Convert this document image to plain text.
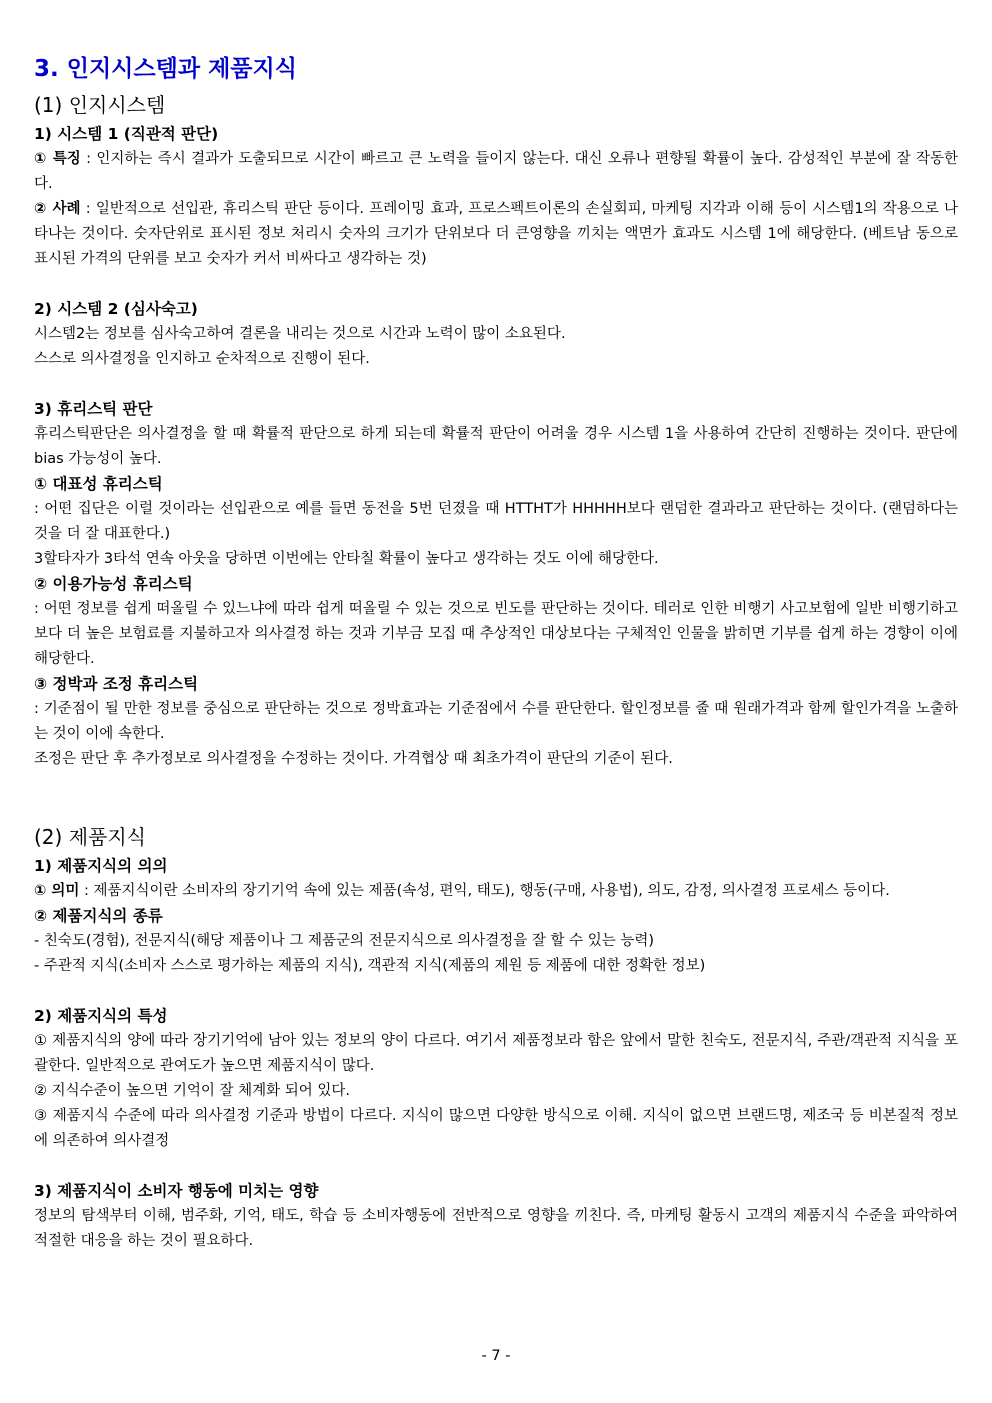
3. 인지시스템과 제품지식
(1) 인지시스템
1) 시스템 1 (직관적 판단)

① 특징 : 인지하는 즉시 결과가 도출되므로 시간이 빠르고 큰 노력을 들이지 않는다. 대신 오류나 편향될 확률이 높다. 감성적인 부분에 잘 작동한다.

② 사례 : 일반적으로 선입관, 휴리스틱 판단 등이다. 프레이밍 효과, 프로스펙트이론의 손실회피, 마케팅 지각과 이해 등이 시스템1의 작용으로 나타나는 것이다. 숫자단위로 표시된 정보 처리시 숫자의 크기가 단위보다 더 큰영향을 끼치는 액면가 효과도 시스템 1에 해당한다. (베트남 동으로 표시된 가격의 단위를 보고 숫자가 커서 비싸다고 생각하는 것)

2) 시스템 2 (심사숙고)

시스템2는 정보를 심사숙고하여 결론을 내리는 것으로 시간과 노력이 많이 소요된다.

스스로 의사결정을 인지하고 순차적으로 진행이 된다.

3) 휴리스틱 판단

휴리스틱판단은 의사결정을 할 때 확률적 판단으로 하게 되는데 확률적 판단이 어려울 경우 시스템 1을 사용하여 간단히 진행하는 것이다. 판단에 bias 가능성이 높다.

① 대표성 휴리스틱

: 어떤 집단은 이럴 것이라는 선입관으로 예를 들면 동전을 5번 던졌을 때 HTTHT가 HHHHH보다 랜덤한 결과라고 판단하는 것이다. (랜덤하다는 것을 더 잘 대표한다.)

3할타자가 3타석 연속 아웃을 당하면 이번에는 안타칠 확률이 높다고 생각하는 것도 이에 해당한다.

② 이용가능성 휴리스틱

: 어떤 정보를 쉽게 떠올릴 수 있느냐에 따라 쉽게 떠올릴 수 있는 것으로 빈도를 판단하는 것이다. 테러로 인한 비행기 사고보험에 일반 비행기하고보다 더 높은 보험료를 지불하고자 의사결정 하는 것과 기부금 모집 때 추상적인 대상보다는 구체적인 인물을 밝히면 기부를 쉽게 하는 경향이 이에 해당한다.

③ 정박과 조정 휴리스틱

: 기준점이 될 만한 정보를 중심으로 판단하는 것으로 정박효과는 기준점에서 수를 판단한다. 할인정보를 줄 때 원래가격과 함께 할인가격을 노출하는 것이 이에 속한다.

조정은 판단 후 추가정보로 의사결정을 수정하는 것이다. 가격협상 때 최초가격이 판단의 기준이 된다.

(2) 제품지식
1) 제품지식의 의의

① 의미 : 제품지식이란 소비자의 장기기억 속에 있는 제품(속성, 편익, 태도), 행동(구매, 사용법), 의도, 감정, 의사결정 프로세스 등이다.

② 제품지식의 종류

- 친숙도(경험), 전문지식(해당 제품이나 그 제품군의 전문지식으로 의사결정을 잘 할 수 있는 능력)

- 주관적 지식(소비자 스스로 평가하는 제품의 지식), 객관적 지식(제품의 제원 등 제품에 대한 정확한 정보)

2) 제품지식의 특성

① 제품지식의 양에 따라 장기기억에 남아 있는 정보의 양이 다르다. 여기서 제품정보라 함은 앞에서 말한 친숙도, 전문지식, 주관/객관적 지식을 포괄한다. 일반적으로 관여도가 높으면 제품지식이 많다.

② 지식수준이 높으면 기억이 잘 체계화 되어 있다.

③ 제품지식 수준에 따라 의사결정 기준과 방법이 다르다. 지식이 많으면 다양한 방식으로 이해. 지식이 없으면 브랜드명, 제조국 등 비본질적 정보에 의존하여 의사결정

3) 제품지식이 소비자 행동에 미치는 영향

정보의 탐색부터 이해, 범주화, 기억, 태도, 학습 등 소비자행동에 전반적으로 영향을 끼친다. 즉, 마케팅 활동시 고객의 제품지식 수준을 파악하여 적절한 대응을 하는 것이 필요하다.

- 7 -
